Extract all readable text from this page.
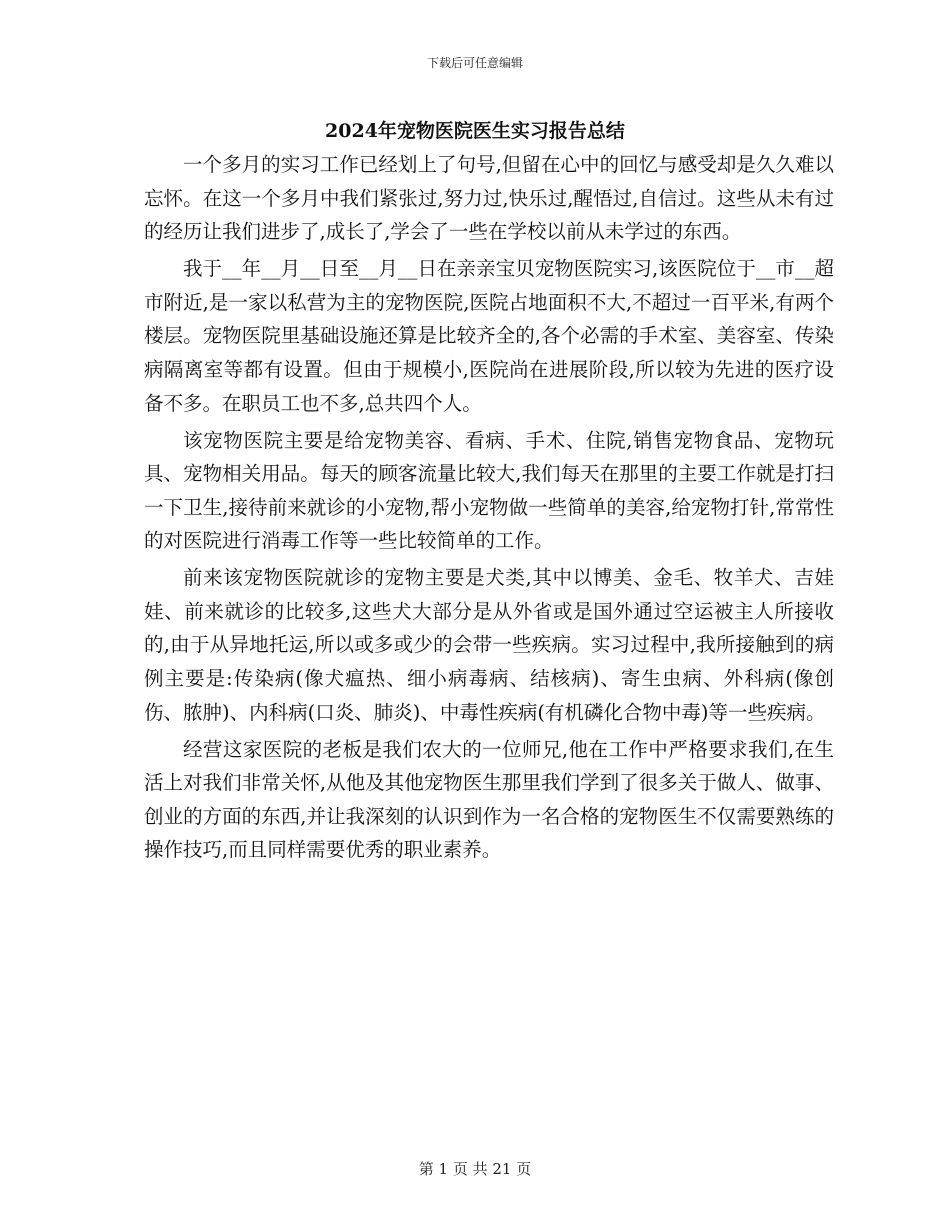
下载后可任意编辑
2024年宠物医院医生实习报告总结

一个多月的实习工作已经划上了句号,但留在心中的回忆与感受却是久久难以忘怀。在这一个多月中我们紧张过,努力过,快乐过,醒悟过,自信过。这些从未有过的经历让我们进步了,成长了,学会了一些在学校以前从未学过的东西。

我于__年__月__日至__月__日在亲亲宝贝宠物医院实习,该医院位于__市__超市附近,是一家以私营为主的宠物医院,医院占地面积不大,不超过一百平米,有两个楼层。宠物医院里基础设施还算是比较齐全的,各个必需的手术室、美容室、传染病隔离室等都有设置。但由于规模小,医院尚在进展阶段,所以较为先进的医疗设备不多。在职员工也不多,总共四个人。

该宠物医院主要是给宠物美容、看病、手术、住院,销售宠物食品、宠物玩具、宠物相关用品。每天的顾客流量比较大,我们每天在那里的主要工作就是打扫一下卫生,接待前来就诊的小宠物,帮小宠物做一些简单的美容,给宠物打针,常常性的对医院进行消毒工作等一些比较简单的工作。

前来该宠物医院就诊的宠物主要是犬类,其中以博美、金毛、牧羊犬、吉娃娃、前来就诊的比较多,这些犬大部分是从外省或是国外通过空运被主人所接收的,由于从异地托运,所以或多或少的会带一些疾病。实习过程中,我所接触到的病例主要是:传染病(像犬瘟热、细小病毒病、结核病)、寄生虫病、外科病(像创伤、脓肿)、内科病(口炎、肺炎)、中毒性疾病(有机磷化合物中毒)等一些疾病。

经营这家医院的老板是我们农大的一位师兄,他在工作中严格要求我们,在生活上对我们非常关怀,从他及其他宠物医生那里我们学到了很多关于做人、做事、创业的方面的东西,并让我深刻的认识到作为一名合格的宠物医生不仅需要熟练的操作技巧,而且同样需要优秀的职业素养。

第 1 页 共 21 页
